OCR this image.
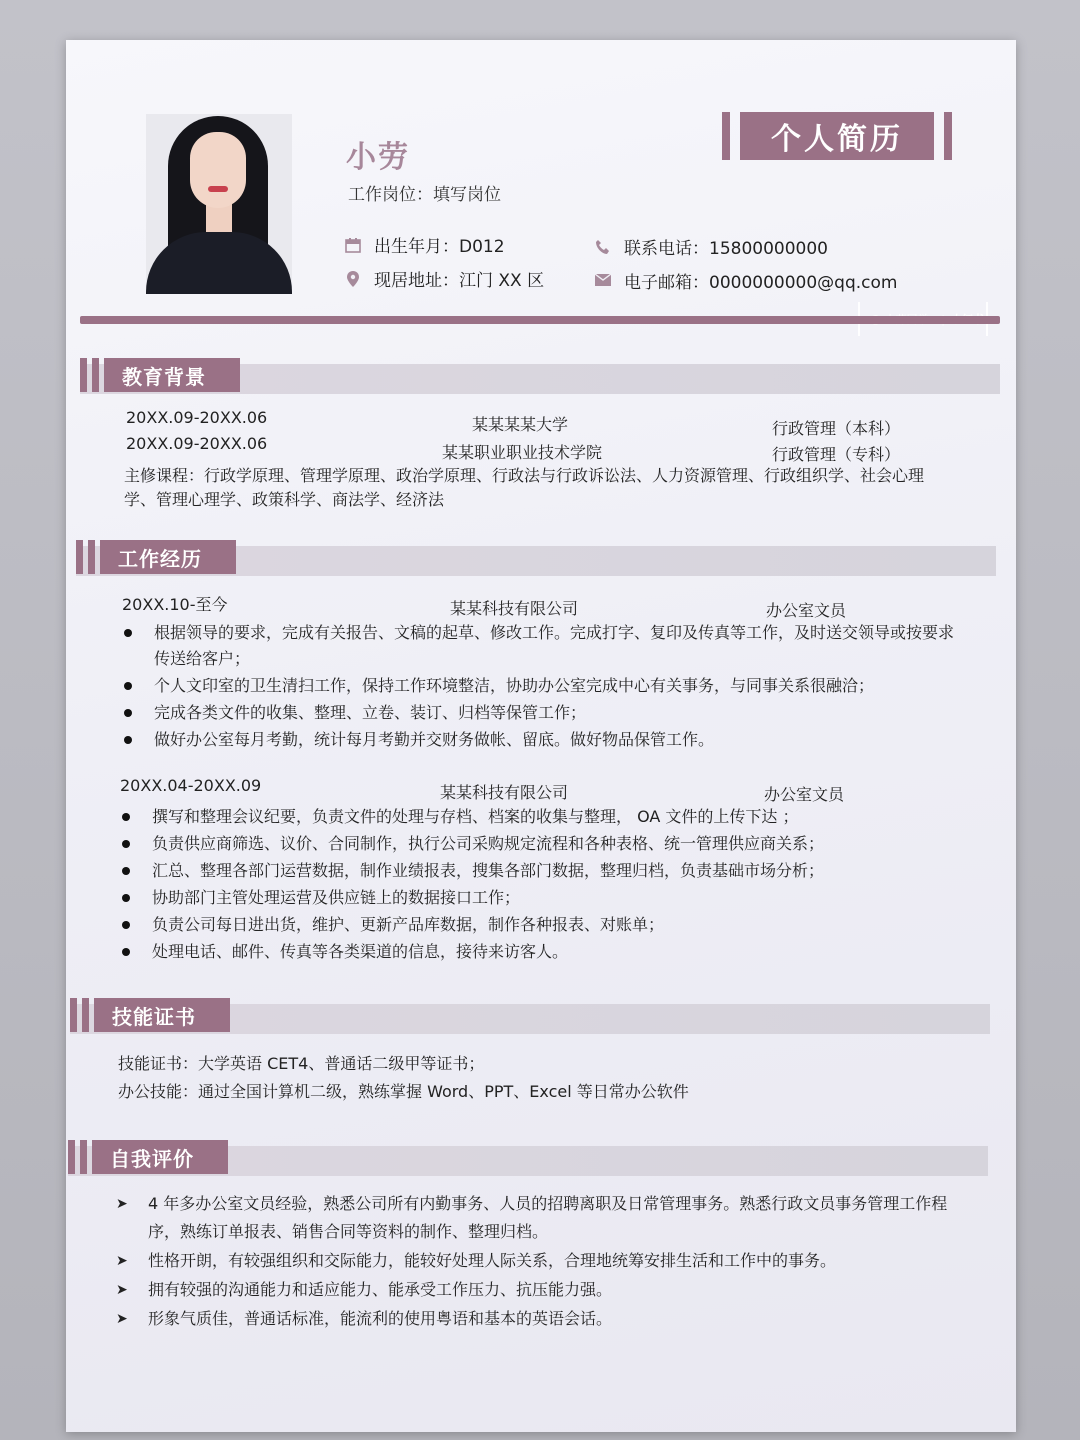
小劳
工作岗位：填写岗位
个人简历
出生年月：D012
现居地址：江门 XX 区
联系电话：15800000000
电子邮箱：0000000000@qq.com
教育背景
20XX.09-20XX.06	某某某某大学	行政管理（本科）
20XX.09-20XX.06	某某职业职业技术学院	行政管理（专科）
主修课程：行政学原理、管理学原理、政治学原理、行政法与行政诉讼法、人力资源管理、行政组织学、社会心理学、管理心理学、政策科学、商法学、经济法
工作经历
20XX.10-至今	某某科技有限公司	办公室文员
根据领导的要求，完成有关报告、文稿的起草、修改工作。完成打字、复印及传真等工作，及时送交领导或按要求传送给客户；
个人文印室的卫生清扫工作，保持工作环境整洁，协助办公室完成中心有关事务，与同事关系很融洽；
完成各类文件的收集、整理、立卷、装订、归档等保管工作；
做好办公室每月考勤，统计每月考勤并交财务做帐、留底。做好物品保管工作。
20XX.04-20XX.09	某某科技有限公司	办公室文员
撰写和整理会议纪要，负责文件的处理与存档、档案的收集与整理， OA 文件的上传下达 ；
负责供应商筛选、议价、合同制作，执行公司采购规定流程和各种表格、统一管理供应商关系；
汇总、整理各部门运营数据，制作业绩报表，搜集各部门数据，整理归档，负责基础市场分析；
协助部门主管处理运营及供应链上的数据接口工作；
负责公司每日进出货，维护、更新产品库数据，制作各种报表、对账单；
处理电话、邮件、传真等各类渠道的信息，接待来访客人。
技能证书
技能证书：大学英语 CET4、普通话二级甲等证书；
办公技能：通过全国计算机二级，熟练掌握 Word、PPT、Excel 等日常办公软件
自我评价
➤ 4 年多办公室文员经验，熟悉公司所有内勤事务、人员的招聘离职及日常管理事务。熟悉行政文员事务管理工作程序，熟练订单报表、销售合同等资料的制作、整理归档。
➤ 性格开朗，有较强组织和交际能力，能较好处理人际关系，合理地统筹安排生活和工作中的事务。
➤ 拥有较强的沟通能力和适应能力、能承受工作压力、抗压能力强。
➤ 形象气质佳，普通话标准，能流利的使用粤语和基本的英语会话。
